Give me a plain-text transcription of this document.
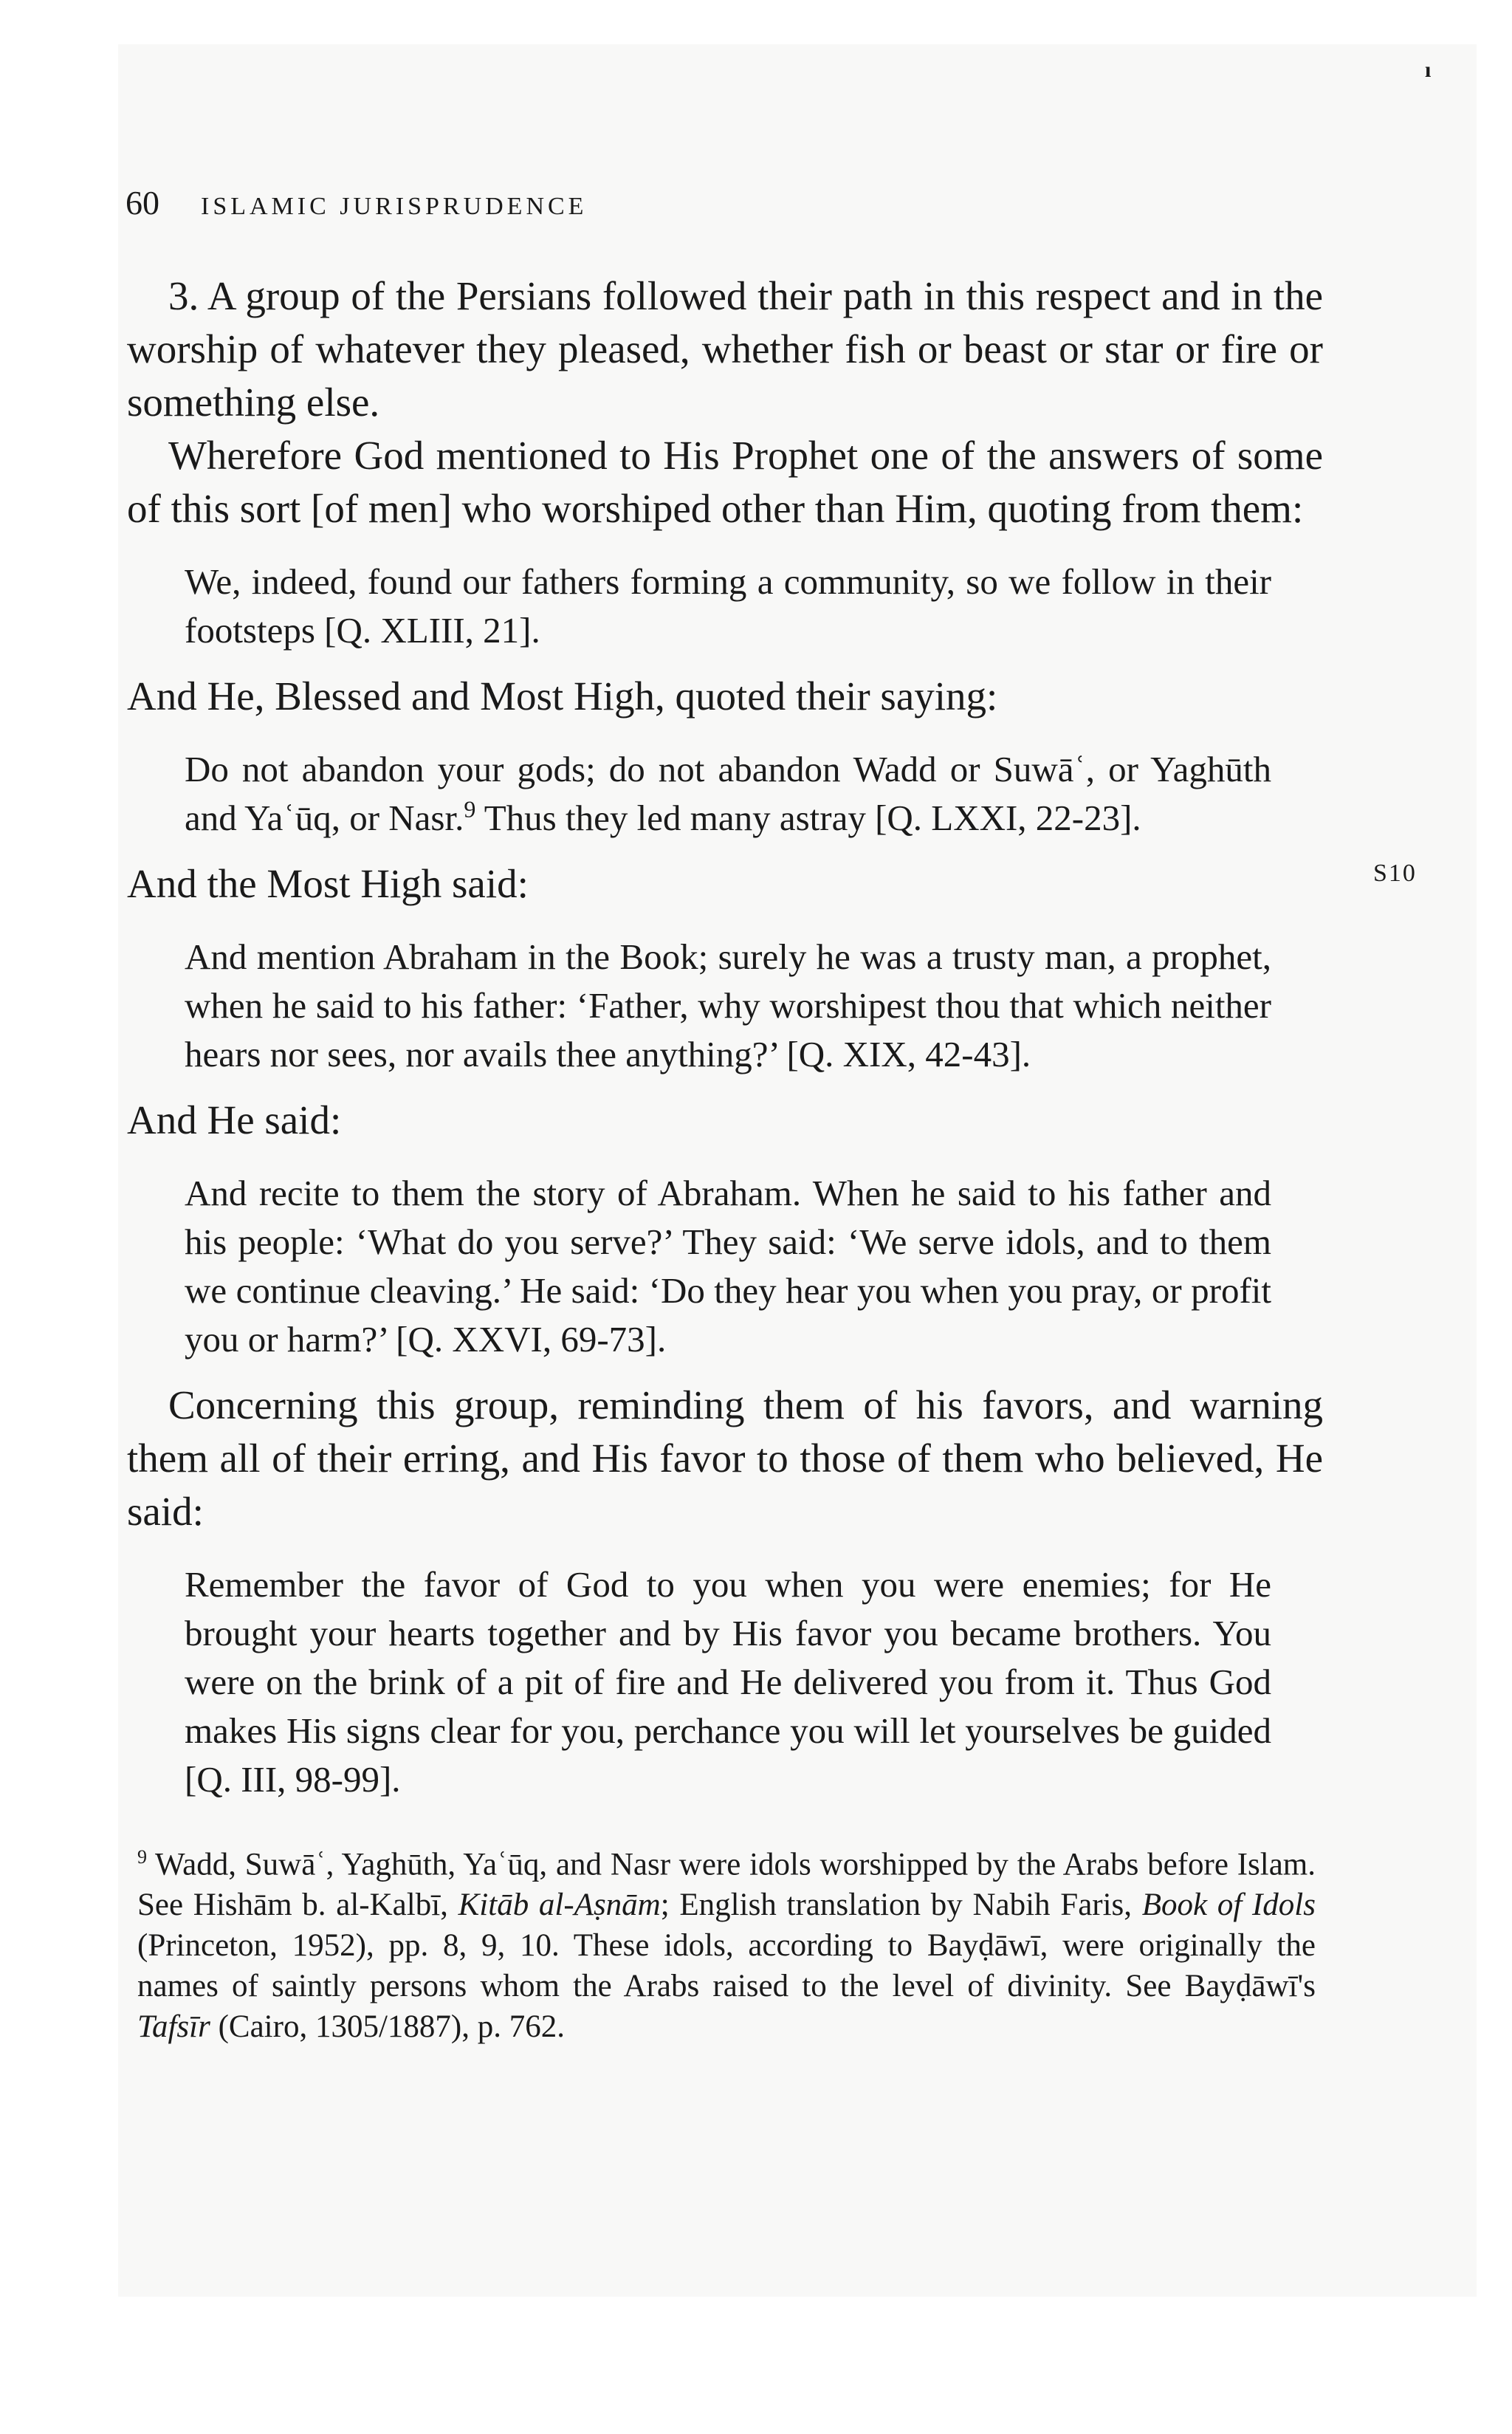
ı
60 ISLAMIC JURISPRUDENCE
S10

3. A group of the Persians followed their path in this respect and in the worship of whatever they pleased, whether fish or beast or star or fire or something else.

Wherefore God mentioned to His Prophet one of the answers of some of this sort [of men] who worshiped other than Him, quoting from them:

We, indeed, found our fathers forming a community, so we follow in their footsteps [Q. XLIII, 21].

And He, Blessed and Most High, quoted their saying:

Do not abandon your gods; do not abandon Wadd or Suwāʿ, or Yaghūth and Yaʿūq, or Nasr.$^9$ Thus they led many astray [Q. LXXI, 22-23].

And the Most High said:

And mention Abraham in the Book; surely he was a trusty man, a prophet, when he said to his father: ‘Father, why worshipest thou that which neither hears nor sees, nor avails thee anything?’ [Q. XIX, 42-43].

And He said:

And recite to them the story of Abraham. When he said to his father and his people: ‘What do you serve?’ They said: ‘We serve idols, and to them we continue cleaving.’ He said: ‘Do they hear you when you pray, or profit you or harm?’ [Q. XXVI, 69-73].

Concerning this group, reminding them of his favors, and warning them all of their erring, and His favor to those of them who believed, He said:

Remember the favor of God to you when you were enemies; for He brought your hearts together and by His favor you became brothers. You were on the brink of a pit of fire and He delivered you from it. Thus God makes His signs clear for you, perchance you will let yourselves be guided [Q. III, 98-99].

$^9$ Wadd, Suwāʿ, Yaghūth, Yaʿūq, and Nasr were idols worshipped by the Arabs before Islam. See Hishām b. al-Kalbī, Kitāb al-Aṣnām; English translation by Nabih Faris, Book of Idols (Princeton, 1952), pp. 8, 9, 10. These idols, according to Bayḍāwī, were originally the names of saintly persons whom the Arabs raised to the level of divinity. See Bayḍāwī's Tafsīr (Cairo, 1305/1887), p. 762.
